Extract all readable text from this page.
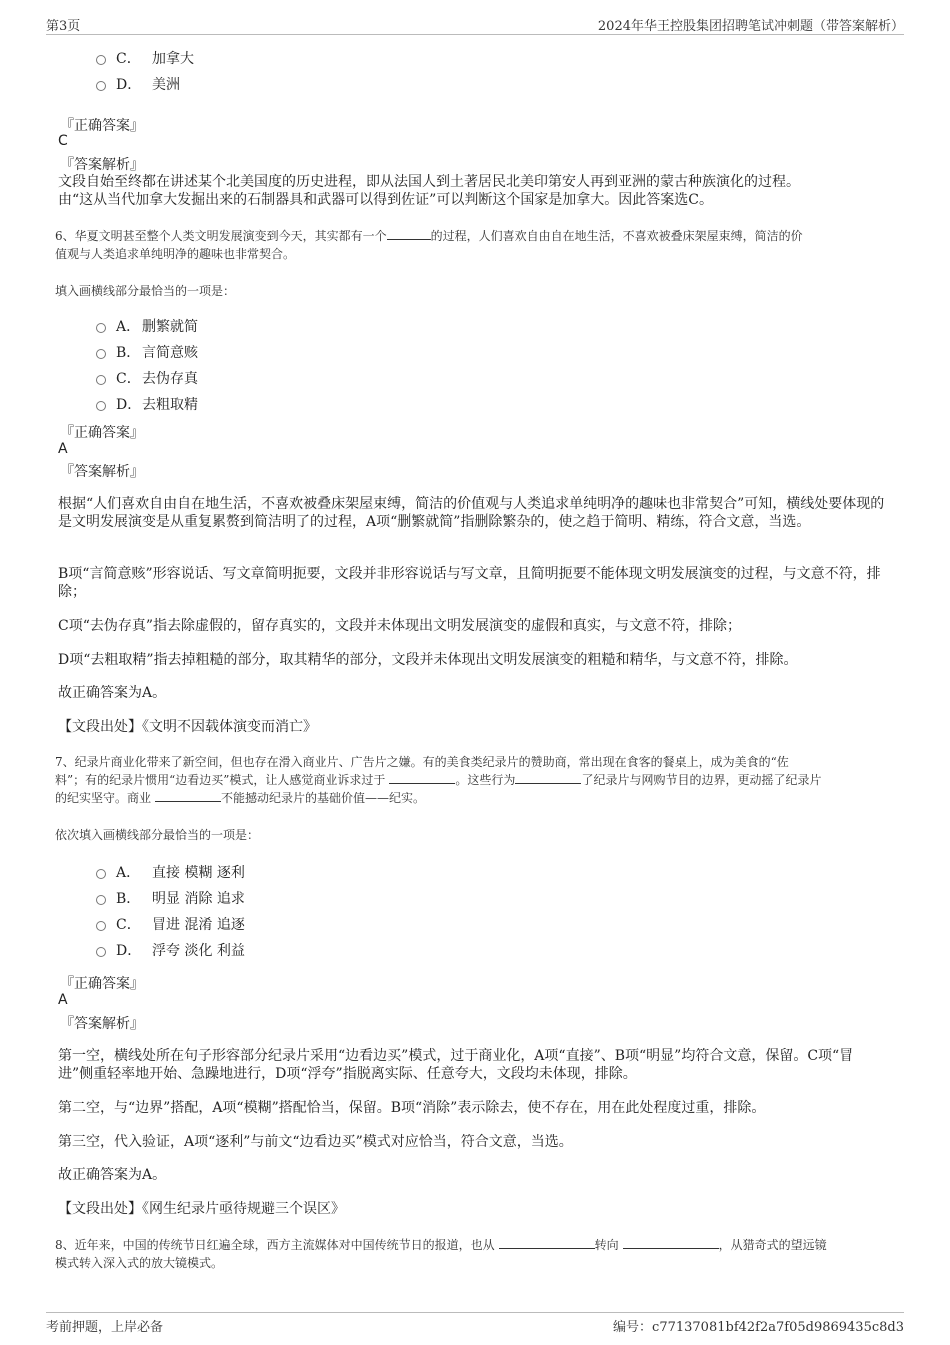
第3页	2024年华王控股集团招聘笔试冲刺题（带答案解析）
C． 加拿大
D． 美洲
『正确答案』
C
『答案解析』
文段自始至终都在讲述某个北美国度的历史进程，即从法国人到土著居民北美印第安人再到亚洲的蒙古种族演化的过程。
由“这从当代加拿大发掘出来的石制器具和武器可以得到佐证”可以判断这个国家是加拿大。因此答案选C。
6、华夏文明甚至整个人类文明发展演变到今天，其实都有一个	的过程，人们喜欢自由自在地生活，不喜欢被叠床架屋束缚，简洁的价
值观与人类追求单纯明净的趣味也非常契合。
填入画横线部分最恰当的一项是：
A． 删繁就简
B． 言简意赅
C． 去伪存真
D． 去粗取精
『正确答案』
A
『答案解析』
根据“人们喜欢自由自在地生活，不喜欢被叠床架屋束缚，简洁的价值观与人类追求单纯明净的趣味也非常契合”可知，横线处要体现的是文明发展演变是从重复累赘到简洁明了的过程，A项“删繁就简”指删除繁杂的，使之趋于简明、精练，符合文意，当选。
B项“言简意赅”形容说话、写文章简明扼要，文段并非形容说话与写文章，且简明扼要不能体现文明发展演变的过程，与文意不符，排除；
C项“去伪存真”指去除虚假的，留存真实的，文段并未体现出文明发展演变的虚假和真实，与文意不符，排除；
D项“去粗取精”指去掉粗糙的部分，取其精华的部分，文段并未体现出文明发展演变的粗糙和精华，与文意不符，排除。
故正确答案为A。
【文段出处】《文明不因载体演变而消亡》
7、纪录片商业化带来了新空间，但也存在滑入商业片、广告片之嫌。有的美食类纪录片的赞助商，常出现在食客的餐桌上，成为美食的“佐
料”；有的纪录片惯用“边看边买”模式，让人感觉商业诉求过于	。这些行为	了纪录片与网购节目的边界，更动摇了纪录片
的纪实坚守。商业	不能撼动纪录片的基础价值——纪实。
依次填入画横线部分最恰当的一项是：
A． 直接 模糊 逐利
B． 明显 消除 追求
C． 冒进 混淆 追逐
D． 浮夸 淡化 利益
『正确答案』
A
『答案解析』
第一空，横线处所在句子形容部分纪录片采用“边看边买”模式，过于商业化，A项“直接”、B项“明显”均符合文意，保留。C项“冒进”侧重轻率地开始、急躁地进行，D项“浮夸”指脱离实际、任意夸大，文段均未体现，排除。
第二空，与“边界”搭配，A项“模糊”搭配恰当，保留。B项“消除”表示除去，使不存在，用在此处程度过重，排除。
第三空，代入验证，A项“逐利”与前文“边看边买”模式对应恰当，符合文意，当选。
故正确答案为A。
【文段出处】《网生纪录片亟待规避三个误区》
8、近年来，中国的传统节日红遍全球，西方主流媒体对中国传统节日的报道，也从	转向	，从猎奇式的望远镜
模式转入深入式的放大镜模式。
考前押题，上岸必备	编号：c77137081bf42f2a7f05d9869435c8d3
